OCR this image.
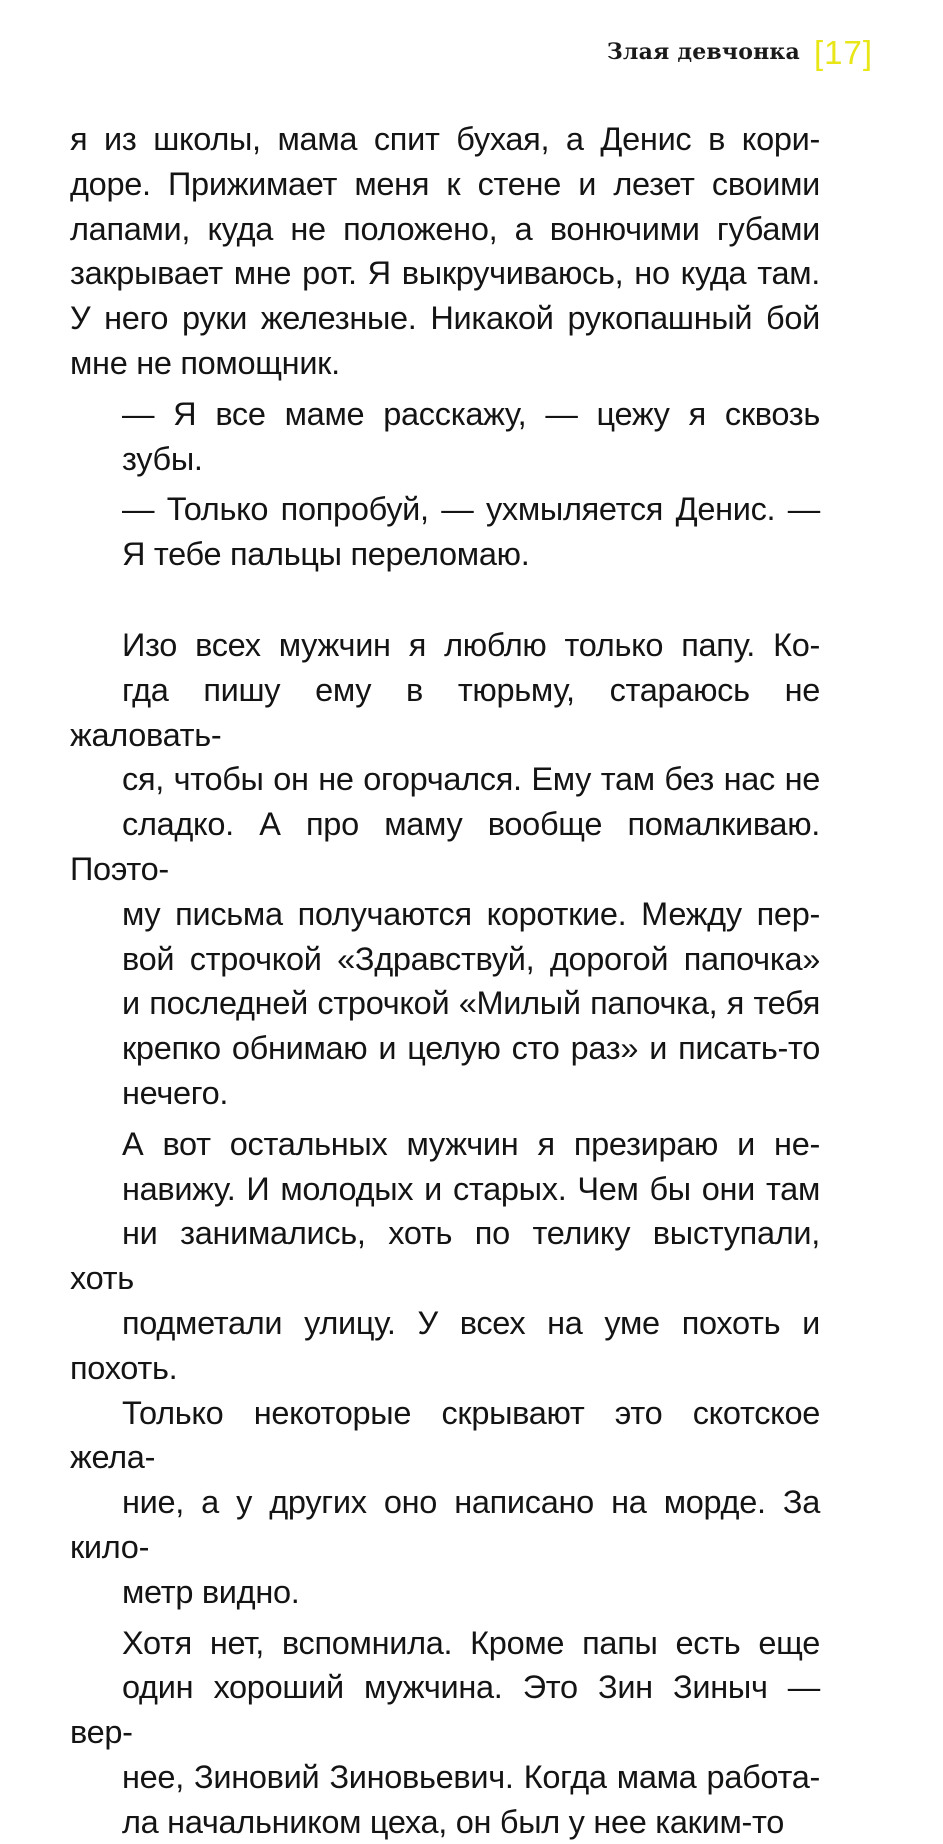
Злая девчонка [17]

я из школы, мама спит бухая, а Денис в кори-
доре. Прижимает меня к стене и лезет своими
лапами, куда не положено, а вонючими губами
закрывает мне рот. Я выкручиваюсь, но куда там.
У него руки железные. Никакой рукопашный бой
мне не помощник.

— Я все маме расскажу, — цежу я сквозь
зубы.

— Только попробуй, — ухмыляется Денис. —
Я тебе пальцы переломаю.

Изо всех мужчин я люблю только папу. Ко-
гда пишу ему в тюрьму, стараюсь не жаловать-
ся, чтобы он не огорчался. Ему там без нас не
сладко. А про маму вообще помалкиваю. Поэто-
му письма получаются короткие. Между пер-
вой строчкой «Здравствуй, дорогой папочка»
и последней строчкой «Милый папочка, я тебя
крепко обнимаю и целую сто раз» и писать-то
нечего.

А вот остальных мужчин я презираю и не-
навижу. И молодых и старых. Чем бы они там
ни занимались, хоть по телику выступали, хоть
подметали улицу. У всех на уме похоть и похоть.
Только некоторые скрывают это скотское жела-
ние, а у других оно написано на морде. За кило-
метр видно.

Хотя нет, вспомнила. Кроме папы есть еще
один хороший мужчина. Это Зин Зиныч — вер-
нее, Зиновий Зиновьевич. Когда мама работа-
ла начальником цеха, он был у нее каким-то
